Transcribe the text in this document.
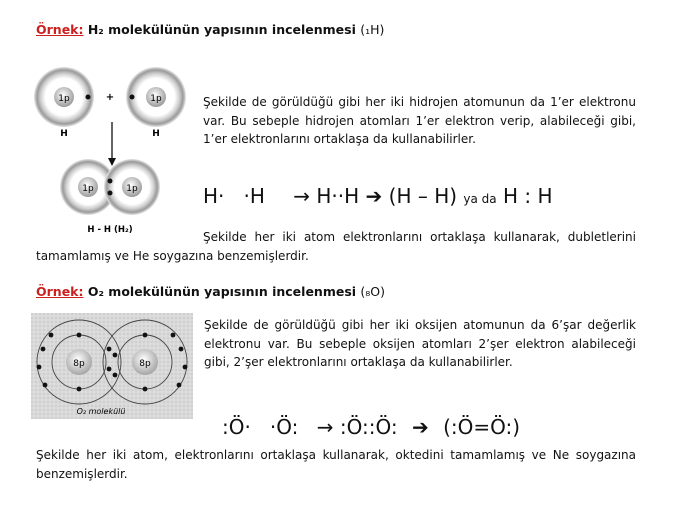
Örnek: H₂ molekülünün yapısının incelenmesi (₁H)
1p
H
+	1p
H
1p	1p
H - H (H₂)
Şekilde de görüldüğü gibi her iki hidrojen atomunun da 1’er elektronu var. Bu sebeple hidrojen atomları 1’er elektron verip, alabileceği gibi, 1’er elektronlarını ortaklaşa da kullanabilirler.
H·   ·H → H··H ➔ (H – H) ya da H : H
Şekilde her iki atom elektronlarını ortaklaşa kullanarak, dubletlerini tamamlamış ve He soygazına benzemişlerdir.
Örnek: O₂ molekülünün yapısının incelenmesi (₈O)
8p	8p
O₂ molekülü
Şekilde de görüldüğü gibi her iki oksijen atomunun da 6’şar değerlik elektronu var. Bu sebeple oksijen atomları 2’şer elektron alabileceği gibi, 2’şer elektronlarını ortaklaşa da kullanabilirler.
:Ö·   ·Ö: → :Ö::Ö: ➔ (:Ö=Ö:)
Şekilde her iki atom, elektronlarını ortaklaşa kullanarak, oktedini tamamlamış ve Ne soygazına benzemişlerdir.
